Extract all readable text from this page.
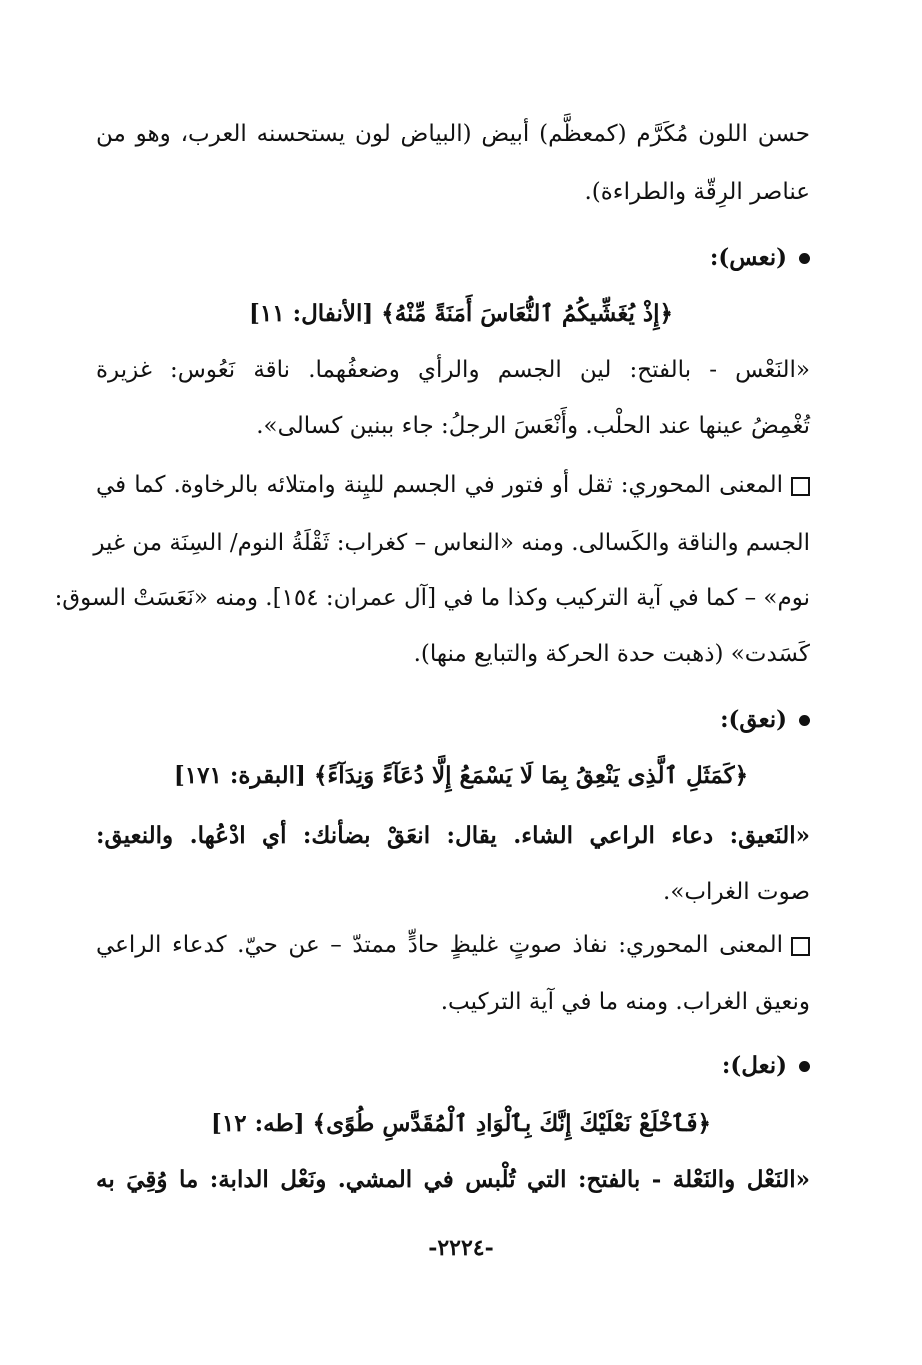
حسن اللون مُكَرَّم (كمعظَّم) أبيض (البياض لون يستحسنه العرب، وهو من
عناصر الرِقّة والطراءة).
(نعس):
﴿إِذْ يُغَشِّيكُمُ ٱلنُّعَاسَ أَمَنَةً مِّنْهُ﴾ [الأنفال: ١١]
«النَعْس - بالفتح: لين الجسم والرأي وضعفُهما. ناقة نَعُوس: غزيرة
تُغْمِضُ عينها عند الحلْب. وأَنْعَسَ الرجلُ: جاء ببنين كسالى».
المعنى المحوري: ثقل أو فتور في الجسم لليِنة وامتلائه بالرخاوة. كما في
الجسم والناقة والكَسالى. ومنه «النعاس – كغراب: ثَقْلَةُ النوم/ السِنَة من غير
نوم» – كما في آية التركيب وكذا ما في [آل عمران: ١٥٤]. ومنه «نَعَسَتْ السوق:
كَسَدت» (ذهبت حدة الحركة والتبايع منها).
(نعق):
﴿كَمَثَلِ ٱلَّذِى يَنْعِقُ بِمَا لَا يَسْمَعُ إِلَّا دُعَآءً وَنِدَآءً﴾ [البقرة: ١٧١]
«النَعيق: دعاء الراعي الشاء. يقال: انعَقْ بضأنك: أي ادْعُها. والنعيق:
صوت الغراب».
المعنى المحوري: نفاذ صوتٍ غليظٍ حادٍّ ممتدّ – عن حيّ. كدعاء الراعي
ونعيق الغراب. ومنه ما في آية التركيب.
(نعل):
﴿فَٱخْلَعْ نَعْلَيْكَ إِنَّكَ بِٱلْوَادِ ٱلْمُقَدَّسِ طُوًى﴾ [طه: ١٢]
«النَعْل والنَعْلة - بالفتح: التي تُلْبس في المشي. ونَعْل الدابة: ما وُقِيَ به
-٢٢٢٤-
